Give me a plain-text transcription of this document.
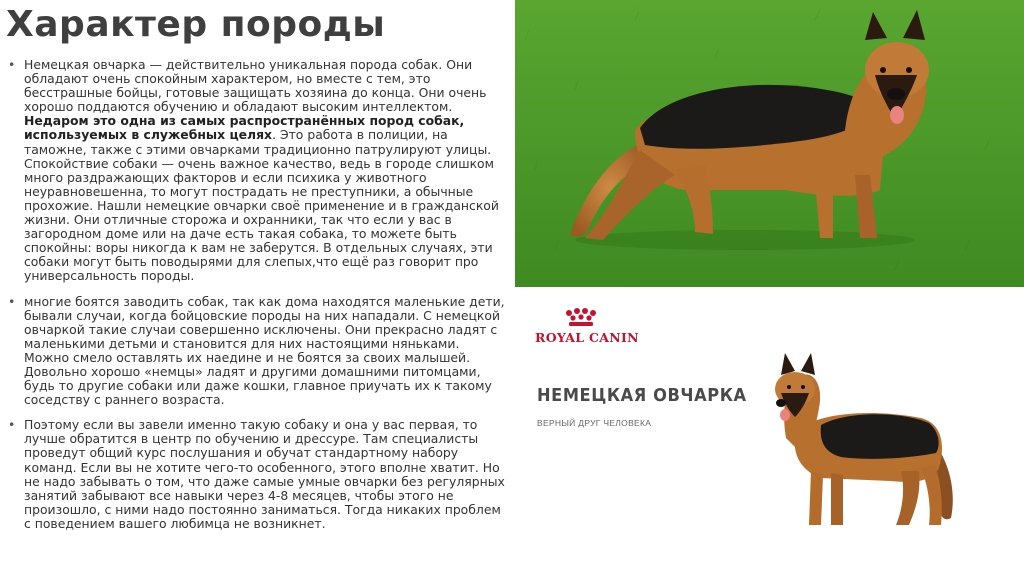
Характер породы
• Немецкая овчарка — действительно уникальная порода собак. Они обладают очень спокойным характером, но вместе с тем, это бесстрашные бойцы, готовые защищать хозяина до конца. Они очень хорошо поддаются обучению и обладают высоким интеллектом. Недаром это одна из самых распространённых пород собак, используемых в служебных целях. Это работа в полиции, на таможне, также с этими овчарками традиционно патрулируют улицы. Спокойствие собаки — очень важное качество, ведь в городе слишком много раздражающих факторов и если психика у животного неуравновешенна, то могут пострадать не преступники, а обычные прохожие. Нашли немецкие овчарки своё применение и в гражданской жизни. Они отличные сторожа и охранники, так что если у вас в загородном доме или на даче есть такая собака, то можете быть спокойны: воры никогда к вам не заберутся. В отдельных случаях, эти собаки могут быть поводырями для слепых,что ещё раз говорит про универсальность породы.
• многие боятся заводить собак, так как дома находятся маленькие дети, бывали случаи, когда бойцовские породы на них нападали. С немецкой овчаркой такие случаи совершенно исключены. Они прекрасно ладят с маленькими детьми и становится для них настоящими няньками. Можно смело оставлять их наедине и не боятся за своих малышей. Довольно хорошо «немцы» ладят и другими домашними питомцами, будь то другие собаки или даже кошки, главное приучать их к такому соседству с раннего возраста.
• Поэтому если вы завели именно такую собаку и она у вас первая, то лучше обратится в центр по обучению и дрессуре. Там специалисты проведут общий курс послушания и обучат стандартному набору команд. Если вы не хотите чего-то особенного, этого вполне хватит. Но не надо забывать о том, что даже самые умные овчарки без регулярных занятий забывают все навыки через 4-8 месяцев, чтобы этого не произошло, с ними надо постоянно заниматься. Тогда никаких проблем с поведением вашего любимца не возникнет.
ROYAL CANIN
НЕМЕЦКАЯ ОВЧАРКА
ВЕРНЫЙ ДРУГ ЧЕЛОВЕКА
